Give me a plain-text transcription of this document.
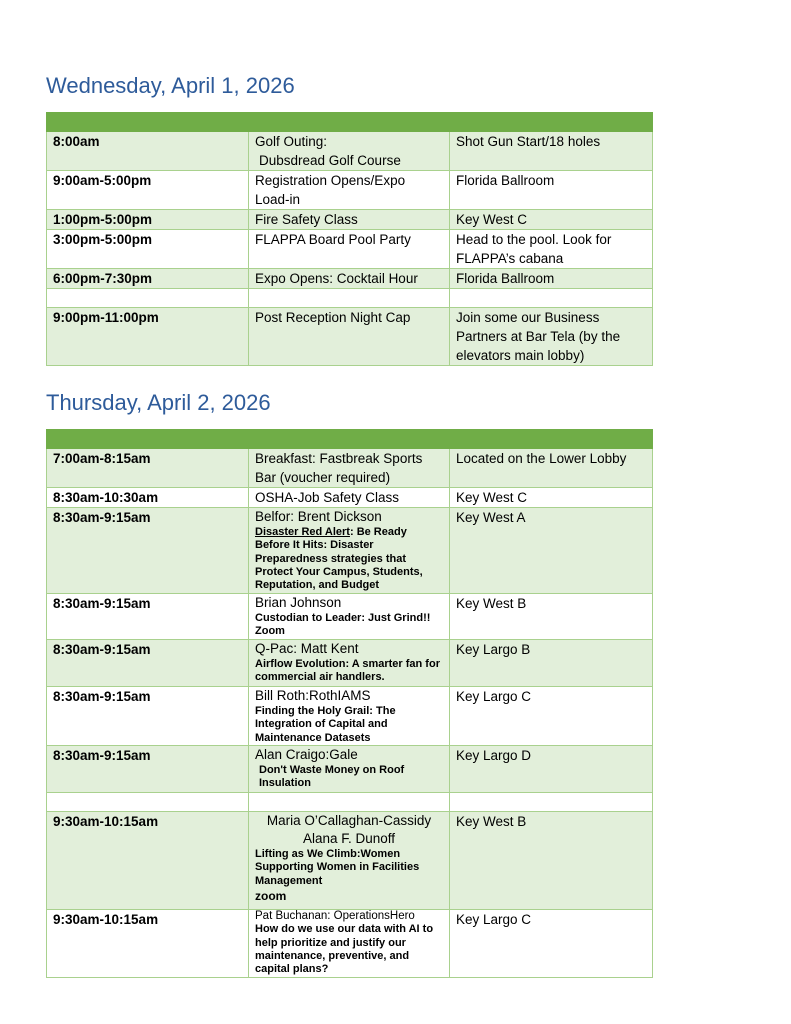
Wednesday, April 1, 2026

8:00am	Golf Outing:
Dubsdread Golf Course	Shot Gun Start/18 holes
9:00am-5:00pm	Registration Opens/Expo Load-in	Florida Ballroom
1:00pm-5:00pm	Fire Safety Class	Key West C
3:00pm-5:00pm	FLAPPA Board Pool Party	Head to the pool. Look for FLAPPA’s cabana
6:00pm-7:30pm	Expo Opens: Cocktail Hour	Florida Ballroom

9:00pm-11:00pm	Post Reception Night Cap	Join some our Business Partners at Bar Tela (by the elevators main lobby)
Thursday, April 2, 2026

7:00am-8:15am	Breakfast: Fastbreak Sports Bar (voucher required)	Located on the Lower Lobby
8:30am-10:30am	OSHA-Job Safety Class	Key West C
8:30am-9:15am	Belfor: Brent Dickson
Disaster Red Alert: Be Ready Before It Hits: Disaster Preparedness strategies that Protect Your Campus, Students, Reputation, and Budget	Key West A
8:30am-9:15am	Brian Johnson
Custodian to Leader: Just Grind!!
Zoom	Key West B
8:30am-9:15am	Q-Pac: Matt Kent
Airflow Evolution: A smarter fan for commercial air handlers.	Key Largo B
8:30am-9:15am	Bill Roth:RothIAMS
Finding the Holy Grail: The Integration of Capital and Maintenance Datasets	Key Largo C
8:30am-9:15am	Alan Craigo:Gale
Don't Waste Money on Roof Insulation	Key Largo D

9:30am-10:15am	Maria O’Callaghan-Cassidy
Alana F. Dunoff
Lifting as We Climb:Women Supporting Women in Facilities Management
zoom	Key West B
9:30am-10:15am	Pat Buchanan: OperationsHero
How do we use our data with AI to help prioritize and justify our maintenance, preventive, and capital plans?	Key Largo C
